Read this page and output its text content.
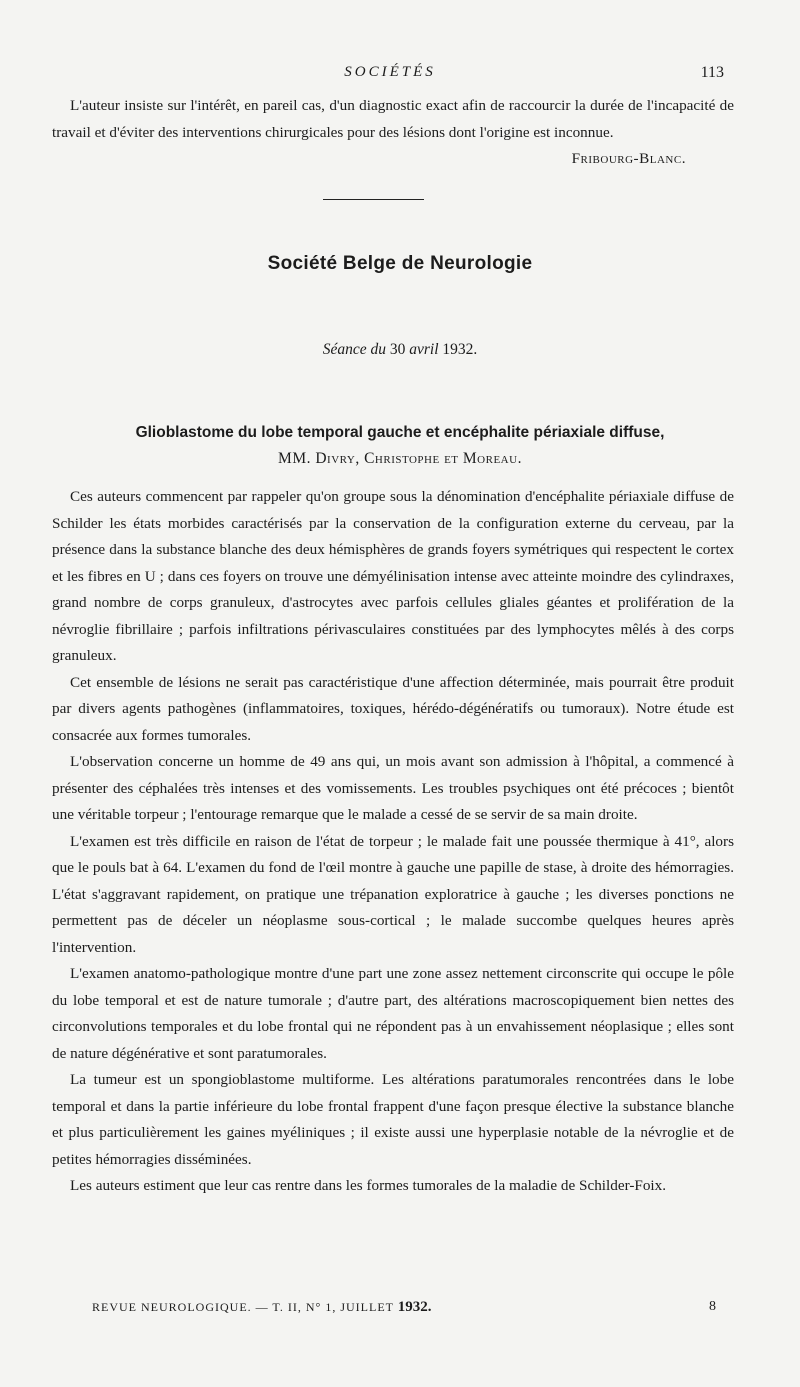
SOCIÉTÉS	113

L'auteur insiste sur l'intérêt, en pareil cas, d'un diagnostic exact afin de raccourcir la durée de l'incapacité de travail et d'éviter des interventions chirurgicales pour des lésions dont l'origine est inconnue.
Fribourg-Blanc.

Société Belge de Neurologie
Séance du 30 avril 1932.
Glioblastome du lobe temporal gauche et encéphalite périaxiale diffuse,
MM. Divry, Christophe et Moreau.

Ces auteurs commencent par rappeler qu'on groupe sous la dénomination d'encéphalite périaxiale diffuse de Schilder les états morbides caractérisés par la conservation de la configuration externe du cerveau, par la présence dans la substance blanche des deux hémisphères de grands foyers symétriques qui respectent le cortex et les fibres en U ; dans ces foyers on trouve une démyélinisation intense avec atteinte moindre des cylindraxes, grand nombre de corps granuleux, d'astrocytes avec parfois cellules gliales géantes et prolifération de la névroglie fibrillaire ; parfois infiltrations périvasculaires constituées par des lymphocytes mêlés à des corps granuleux.

Cet ensemble de lésions ne serait pas caractéristique d'une affection déterminée, mais pourrait être produit par divers agents pathogènes (inflammatoires, toxiques, hérédo-dégénératifs ou tumoraux). Notre étude est consacrée aux formes tumorales.

L'observation concerne un homme de 49 ans qui, un mois avant son admission à l'hôpital, a commencé à présenter des céphalées très intenses et des vomissements. Les troubles psychiques ont été précoces ; bientôt une véritable torpeur ; l'entourage remarque que le malade a cessé de se servir de sa main droite.

L'examen est très difficile en raison de l'état de torpeur ; le malade fait une poussée thermique à 41°, alors que le pouls bat à 64. L'examen du fond de l'œil montre à gauche une papille de stase, à droite des hémorragies. L'état s'aggravant rapidement, on pratique une trépanation exploratrice à gauche ; les diverses ponctions ne permettent pas de déceler un néoplasme sous-cortical ; le malade succombe quelques heures après l'intervention.

L'examen anatomo-pathologique montre d'une part une zone assez nettement circonscrite qui occupe le pôle du lobe temporal et est de nature tumorale ; d'autre part, des altérations macroscopiquement bien nettes des circonvolutions temporales et du lobe frontal qui ne répondent pas à un envahissement néoplasique ; elles sont de nature dégénérative et sont paratumorales.

La tumeur est un spongioblastome multiforme. Les altérations paratumorales rencontrées dans le lobe temporal et dans la partie inférieure du lobe frontal frappent d'une façon presque élective la substance blanche et plus particulièrement les gaines myéliniques ; il existe aussi une hyperplasie notable de la névroglie et de petites hémorragies disséminées.

Les auteurs estiment que leur cas rentre dans les formes tumorales de la maladie de Schilder-Foix.

REVUE NEUROLOGIQUE. — T. II, N° 1, JUILLET 1932.	8
